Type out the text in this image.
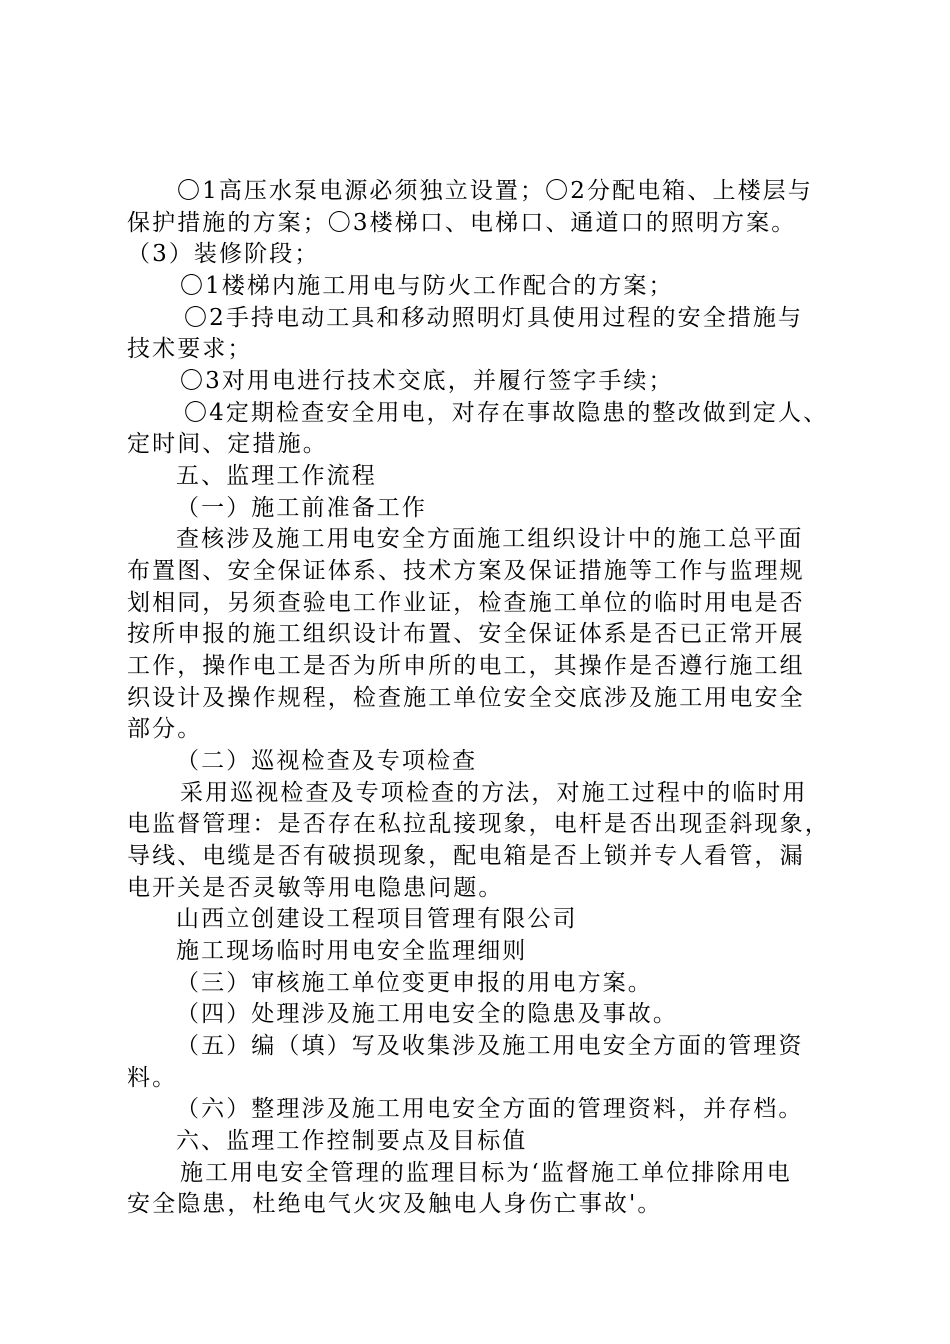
〇1高压水泵电源必须独立设置；〇2分配电箱、上楼层与
保护措施的方案；〇3楼梯口、电梯口、通道口的照明方案。
（3）装修阶段；
〇1楼梯内施工用电与防火工作配合的方案；
〇2手持电动工具和移动照明灯具使用过程的安全措施与
技术要求；
〇3对用电进行技术交底，并履行签字手续；
〇4定期检查安全用电，对存在事故隐患的整改做到定人、
定时间、定措施。
五、监理工作流程
（一）施工前准备工作
查核涉及施工用电安全方面施工组织设计中的施工总平面
布置图、安全保证体系、技术方案及保证措施等工作与监理规
划相同，另须查验电工作业证，检查施工单位的临时用电是否
按所申报的施工组织设计布置、安全保证体系是否已正常开展
工作，操作电工是否为所申所的电工，其操作是否遵行施工组
织设计及操作规程，检查施工单位安全交底涉及施工用电安全
部分。
（二）巡视检查及专项检查
采用巡视检查及专项检查的方法，对施工过程中的临时用
电监督管理：是否存在私拉乱接现象，电杆是否出现歪斜现象，
导线、电缆是否有破损现象，配电箱是否上锁并专人看管，漏
电开关是否灵敏等用电隐患问题。
山西立创建设工程项目管理有限公司
施工现场临时用电安全监理细则
（三）审核施工单位变更申报的用电方案。
（四）处理涉及施工用电安全的隐患及事故。
（五）编（填）写及收集涉及施工用电安全方面的管理资
料。
（六）整理涉及施工用电安全方面的管理资料，并存档。
六、监理工作控制要点及目标值
施工用电安全管理的监理目标为‘监督施工单位排除用电
安全隐患，杜绝电气火灾及触电人身伤亡事故'。
